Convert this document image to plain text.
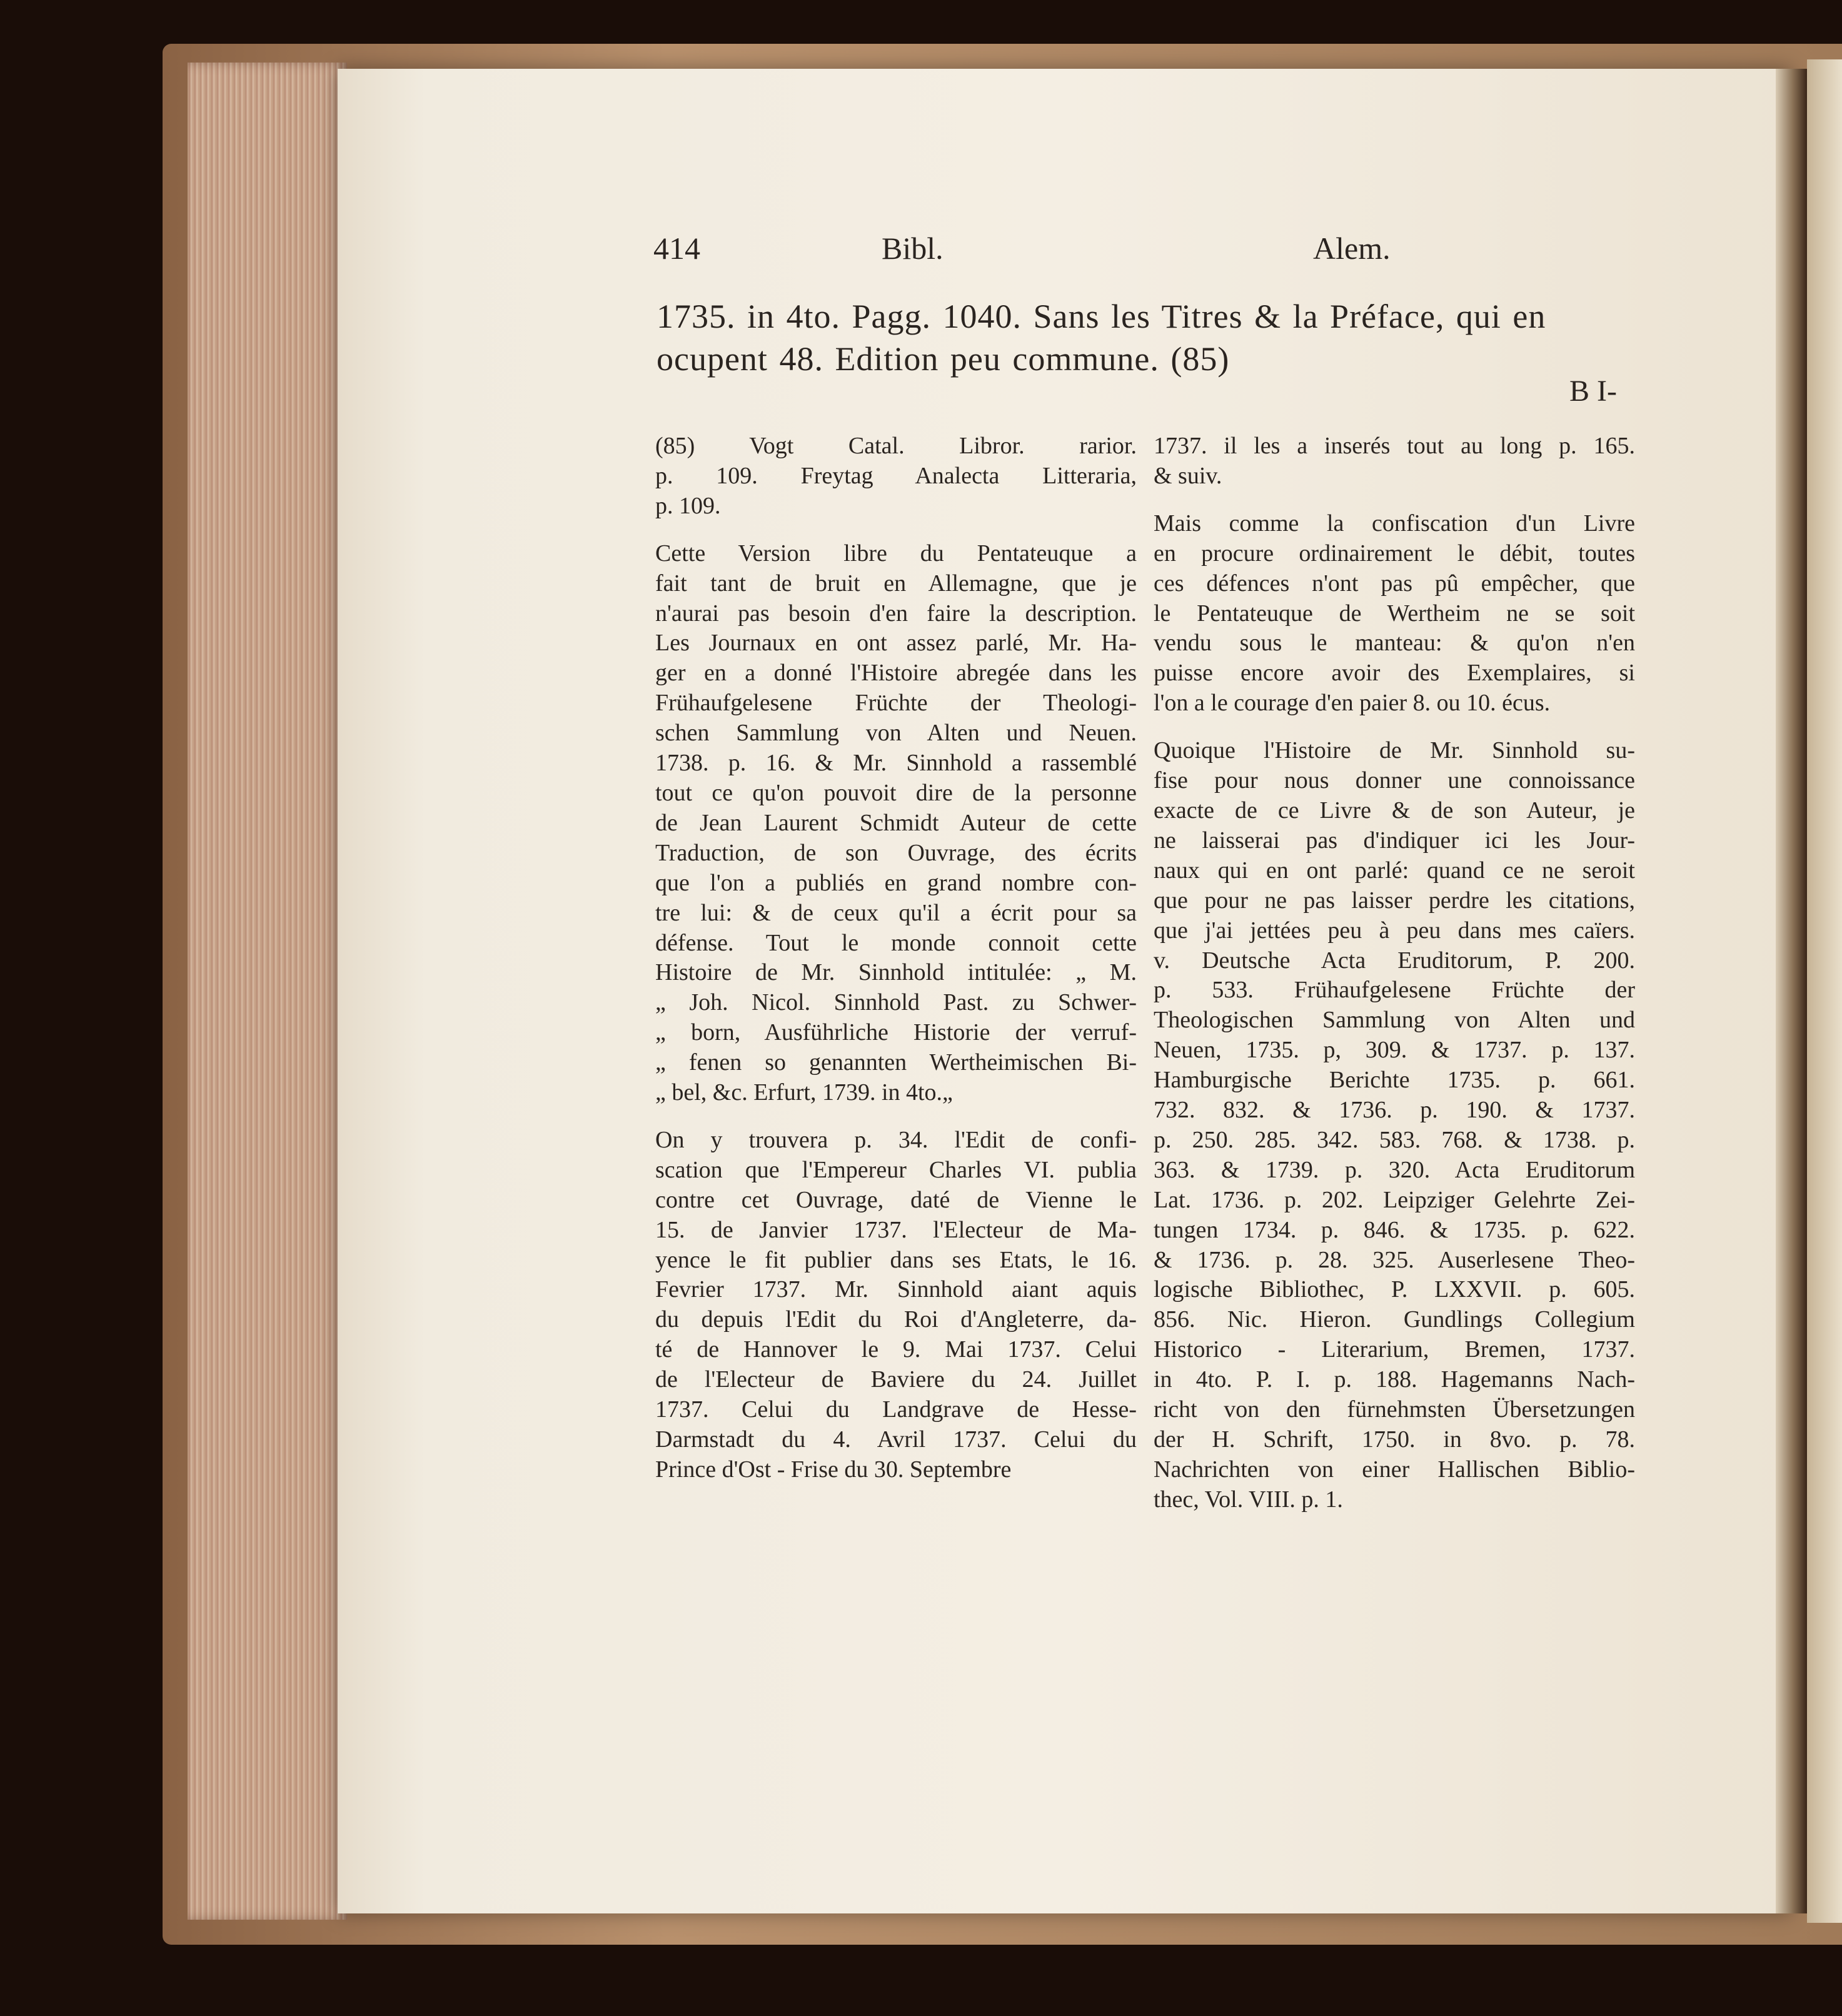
414	Bibl.	Alem.
1735. in 4to. Pagg. 1040. Sans les Titres & la Préface, qui en
ocupent 48. Edition peu commune. (85)
B I-

(85) Vogt Catal. Libror. rarior.

p. 109. Freytag Analecta Litteraria,

p. 109.

Cette Version libre du Pentateuque a

fait tant de bruit en Allemagne, que je

n'aurai pas besoin d'en faire la description.

Les Journaux en ont assez parlé, Mr. Ha-

ger en a donné l'Histoire abregée dans les

Frühaufgelesene Früchte der Theologi-

schen Sammlung von Alten und Neuen.

1738. p. 16. & Mr. Sinnhold a rassemblé

tout ce qu'on pouvoit dire de la personne

de Jean Laurent Schmidt Auteur de cette

Traduction, de son Ouvrage, des écrits

que l'on a publiés en grand nombre con-

tre lui: & de ceux qu'il a écrit pour sa

défense. Tout le monde connoit cette

Histoire de Mr. Sinnhold intitulée: „ M.

„ Joh. Nicol. Sinnhold Past. zu Schwer-

„ born, Ausführliche Historie der verruf-

„ fenen so genannten Wertheimischen Bi-

„ bel, &c. Erfurt, 1739. in 4to.„

On y trouvera p. 34. l'Edit de confi-

scation que l'Empereur Charles VI. publia

contre cet Ouvrage, daté de Vienne le

15. de Janvier 1737. l'Electeur de Ma-

yence le fit publier dans ses Etats, le 16.

Fevrier 1737. Mr. Sinnhold aiant aquis

du depuis l'Edit du Roi d'Angleterre, da-

té de Hannover le 9. Mai 1737. Celui

de l'Electeur de Baviere du 24. Juillet

1737. Celui du Landgrave de Hesse-

Darmstadt du 4. Avril 1737. Celui du

Prince d'Ost - Frise du 30. Septembre

1737. il les a inserés tout au long p. 165.

& suiv.

Mais comme la confiscation d'un Livre

en procure ordinairement le débit, toutes

ces défences n'ont pas pû empêcher, que

le Pentateuque de Wertheim ne se soit

vendu sous le manteau: & qu'on n'en

puisse encore avoir des Exemplaires, si

l'on a le courage d'en paier 8. ou 10. écus.

Quoique l'Histoire de Mr. Sinnhold su-

fise pour nous donner une connoissance

exacte de ce Livre & de son Auteur, je

ne laisserai pas d'indiquer ici les Jour-

naux qui en ont parlé: quand ce ne seroit

que pour ne pas laisser perdre les citations,

que j'ai jettées peu à peu dans mes caïers.

v. Deutsche Acta Eruditorum, P. 200.

p. 533. Frühaufgelesene Früchte der

Theologischen Sammlung von Alten und

Neuen, 1735. p, 309. & 1737. p. 137.

Hamburgische Berichte 1735. p. 661.

732. 832. & 1736. p. 190. & 1737.

p. 250. 285. 342. 583. 768. & 1738. p.

363. & 1739. p. 320. Acta Eruditorum

Lat. 1736. p. 202. Leipziger Gelehrte Zei-

tungen 1734. p. 846. & 1735. p. 622.

& 1736. p. 28. 325. Auserlesene Theo-

logische Bibliothec, P. LXXVII. p. 605.

856. Nic. Hieron. Gundlings Collegium

Historico - Literarium, Bremen, 1737.

in 4to. P. I. p. 188. Hagemanns Nach-

richt von den fürnehmsten Übersetzungen

der H. Schrift, 1750. in 8vo. p. 78.

Nachrichten von einer Hallischen Biblio-

thec, Vol. VIII. p. 1.
